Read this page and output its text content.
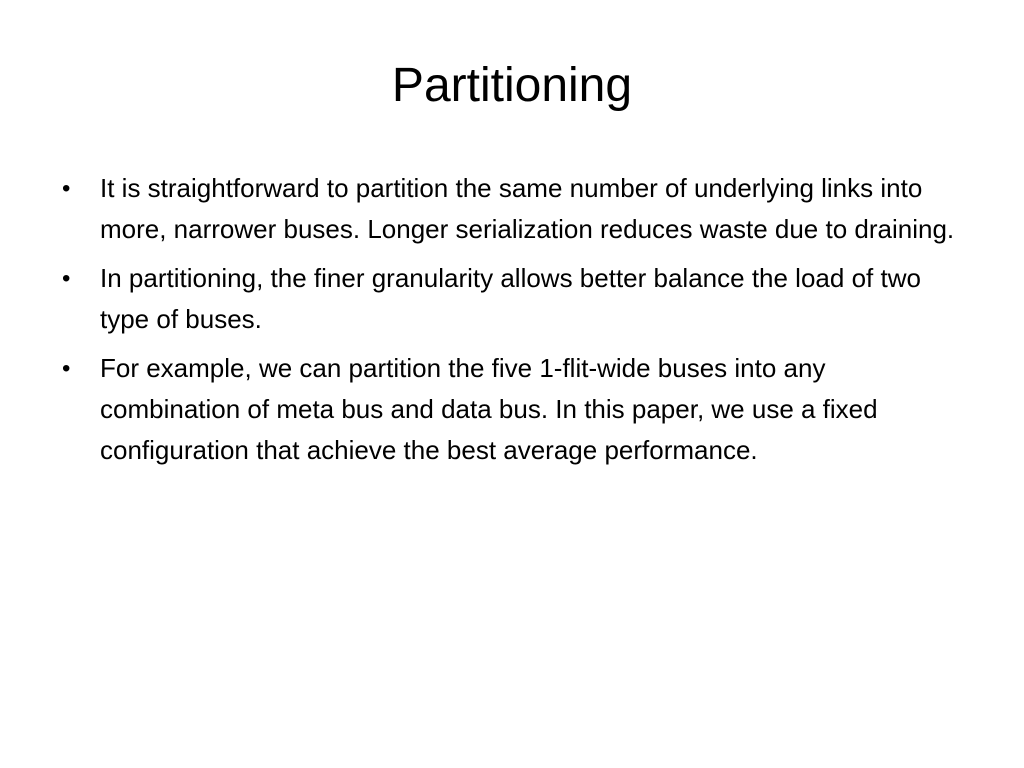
Partitioning
•	It is straightforward to partition the same number of underlying links into more, narrower buses. Longer serialization reduces waste due to draining.
•	In partitioning, the finer granularity allows better balance the load of two type of buses.
•	For example, we can partition the five 1-flit-wide buses into any combination of meta bus and data bus. In this paper, we use a fixed configuration that achieve the best average performance.
